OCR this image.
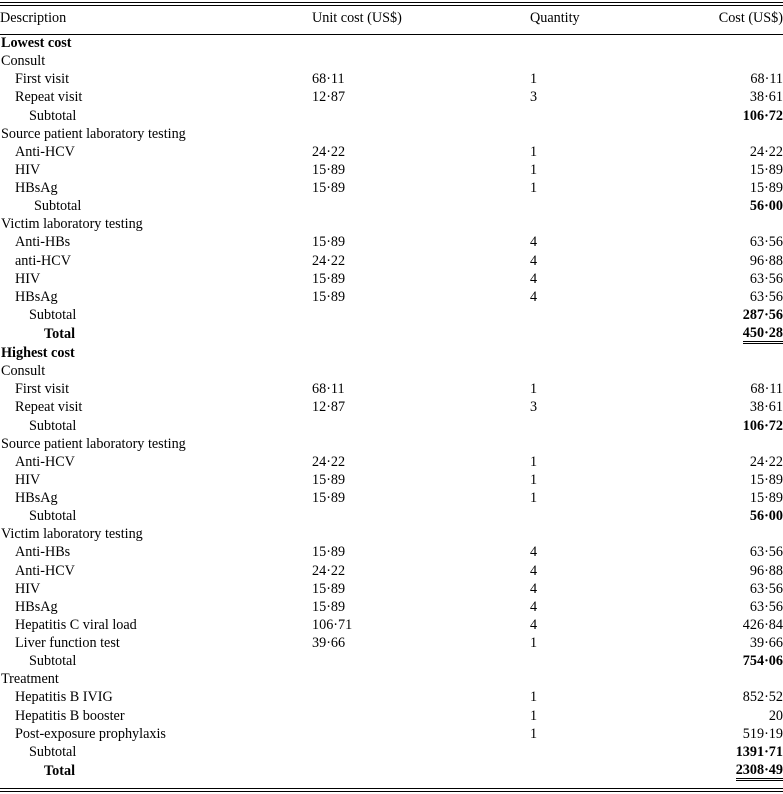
Description	Unit cost (US$)	Quantity	Cost (US$)
Lowest cost			
Consult			
First visit	68·11	1	68·11
Repeat visit	12·87	3	38·61
Subtotal			106·72
Source patient laboratory testing			
Anti-HCV	24·22	1	24·22
HIV	15·89	1	15·89
HBsAg	15·89	1	15·89
Subtotal			56·00
Victim laboratory testing			
Anti-HBs	15·89	4	63·56
anti-HCV	24·22	4	96·88
HIV	15·89	4	63·56
HBsAg	15·89	4	63·56
Subtotal			287·56
Total			450·28
Highest cost			
Consult			
First visit	68·11	1	68·11
Repeat visit	12·87	3	38·61
Subtotal			106·72
Source patient laboratory testing			
Anti-HCV	24·22	1	24·22
HIV	15·89	1	15·89
HBsAg	15·89	1	15·89
Subtotal			56·00
Victim laboratory testing			
Anti-HBs	15·89	4	63·56
Anti-HCV	24·22	4	96·88
HIV	15·89	4	63·56
HBsAg	15·89	4	63·56
Hepatitis C viral load	106·71	4	426·84
Liver function test	39·66	1	39·66
Subtotal			754·06
Treatment			
Hepatitis B IVIG		1	852·52
Hepatitis B booster		1	20
Post-exposure prophylaxis		1	519·19
Subtotal			1391·71
Total			2308·49
